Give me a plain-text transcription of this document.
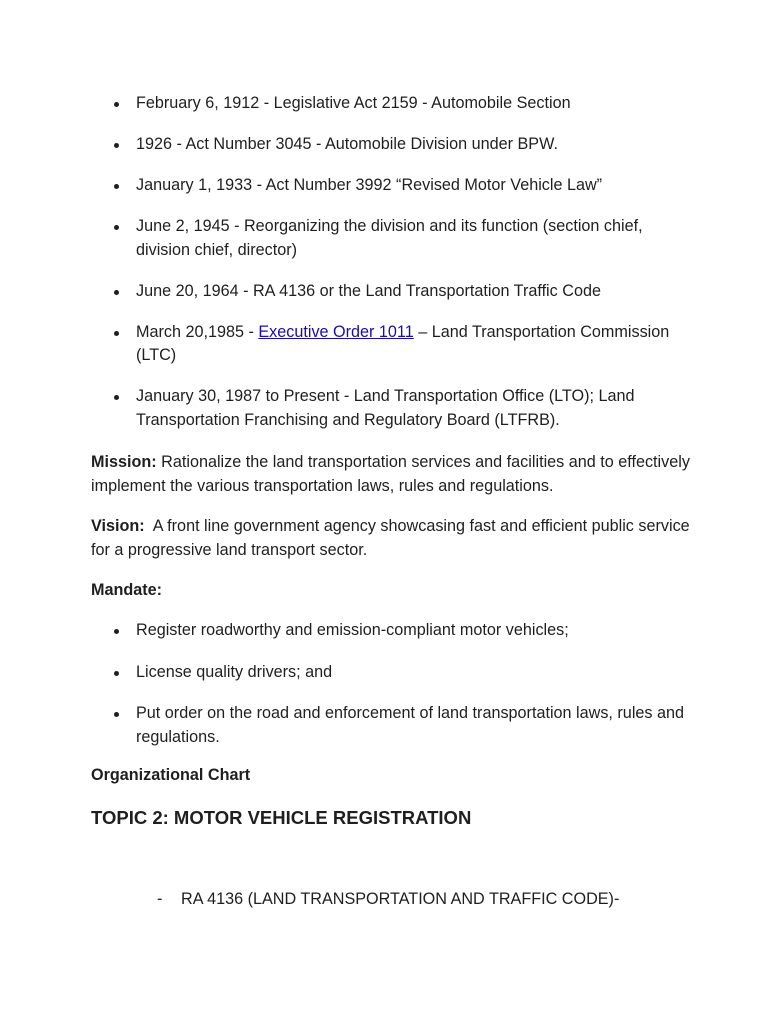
February 6, 1912 - Legislative Act 2159 - Automobile Section
1926 - Act Number 3045 - Automobile Division under BPW.
January 1, 1933 - Act Number 3992 “Revised Motor Vehicle Law”
June 2, 1945 - Reorganizing the division and its function (section chief, division chief, director)
June 20, 1964 - RA 4136 or the Land Transportation Traffic Code
March 20,1985 - Executive Order 1011 – Land Transportation Commission (LTC)
January 30, 1987 to Present - Land Transportation Office (LTO); Land Transportation Franchising and Regulatory Board (LTFRB).

Mission: Rationalize the land transportation services and facilities and to effectively implement the various transportation laws, rules and regulations.

Vision:  A front line government agency showcasing fast and efficient public service for a progressive land transport sector.

Mandate:

Register roadworthy and emission-compliant motor vehicles;
License quality drivers; and
Put order on the road and enforcement of land transportation laws, rules and regulations.

Organizational Chart

TOPIC 2: MOTOR VEHICLE REGISTRATION

- RA 4136 (LAND TRANSPORTATION AND TRAFFIC CODE)-
